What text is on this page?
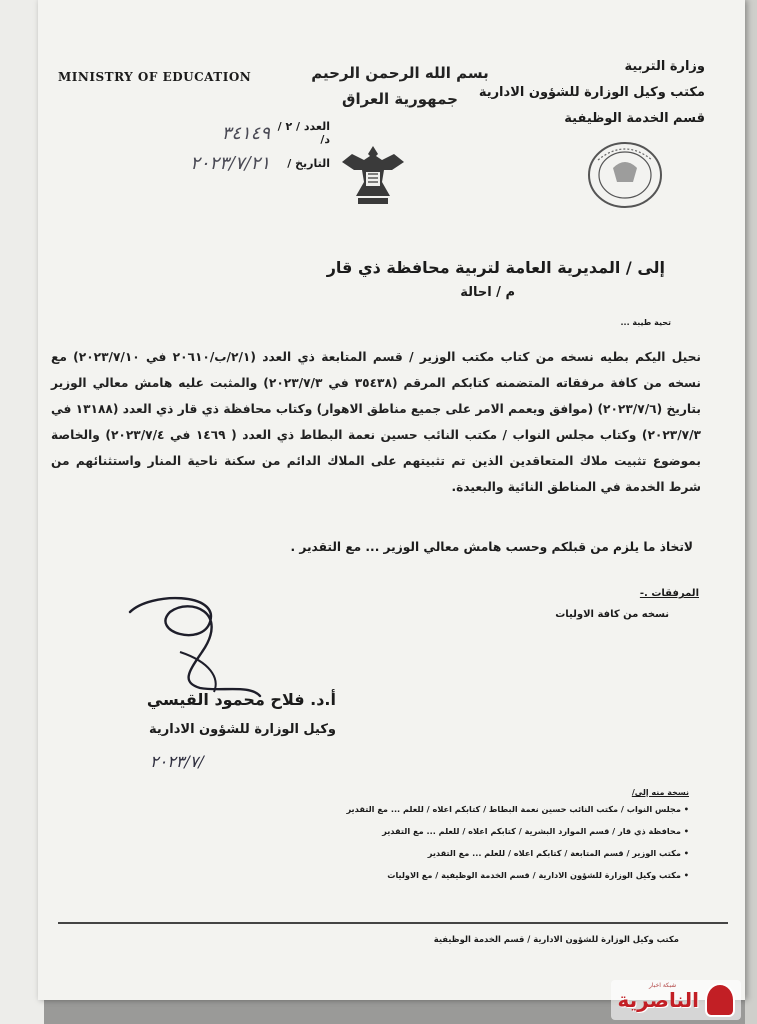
MINISTRY OF EDUCATION	بسم الله الرحمن الرحيم
جمهورية العراق
وزارة التربية
مكتب وكيل الوزارة للشؤون الادارية
قسم الخدمة الوظيفية
العدد / ٢ / د/
٣٤١٤٩
التاريخ /
٢٠٢٣/٧/٢١
إلى / المديرية العامة لتربية محافظة ذي قار
م / احالة
تحية طيبة ...
نحيل اليكم بطيه نسخه من كتاب مكتب الوزير / قسم المتابعة ذي العدد (٢/١/ب/٢٠٦١٠ في ٢٠٢٣/٧/١٠) مع نسخه من كافة مرفقاته المتضمنه كتابكم المرقم (٣٥٤٣٨ في ٢٠٢٣/٧/٣) والمثبت عليه هامش معالي الوزير بتاريخ (٢٠٢٣/٧/٦) (موافق ويعمم الامر على جميع مناطق الاهوار) وكتاب محافظة ذي قار ذي العدد (١٣١٨٨ في ٢٠٢٣/٧/٣) وكتاب مجلس النواب / مكتب النائب حسين نعمة البطاط ذي العدد ( ١٤٦٩ في ٢٠٢٣/٧/٤) والخاصة بموضوع تثبيت ملاك المتعاقدين الذين تم تثبيتهم على الملاك الدائم من سكنة ناحية المنار واستثنائهم من شرط الخدمة في المناطق النائية والبعيدة.
لاتخاذ ما يلزم من قبلكم وحسب هامش معالي الوزير ... مع التقدير .
المرفقات .-
نسخه من كافة الاوليات
أ.د. فلاح محمود القيسي
وكيل الوزارة للشؤون الادارية
٢٠٢٣/٧/
نسخة منه إلى/
• مجلس النواب / مكتب النائب حسين نعمة البطاط / كتابكم اعلاه / للعلم ... مع التقدير
• محافظة ذي قار / قسم الموارد البشرية / كتابكم اعلاه / للعلم ... مع التقدير
• مكتب الوزير / قسم المتابعة / كتابكم اعلاه / للعلم ... مع التقدير
• مكتب وكيل الوزارة للشؤون الادارية / قسم الخدمة الوظيفية / مع الاوليات
مكتب وكيل الوزارة للشؤون الادارية / قسم الخدمة الوظيفية
شبكة اخبار
الناصرية
